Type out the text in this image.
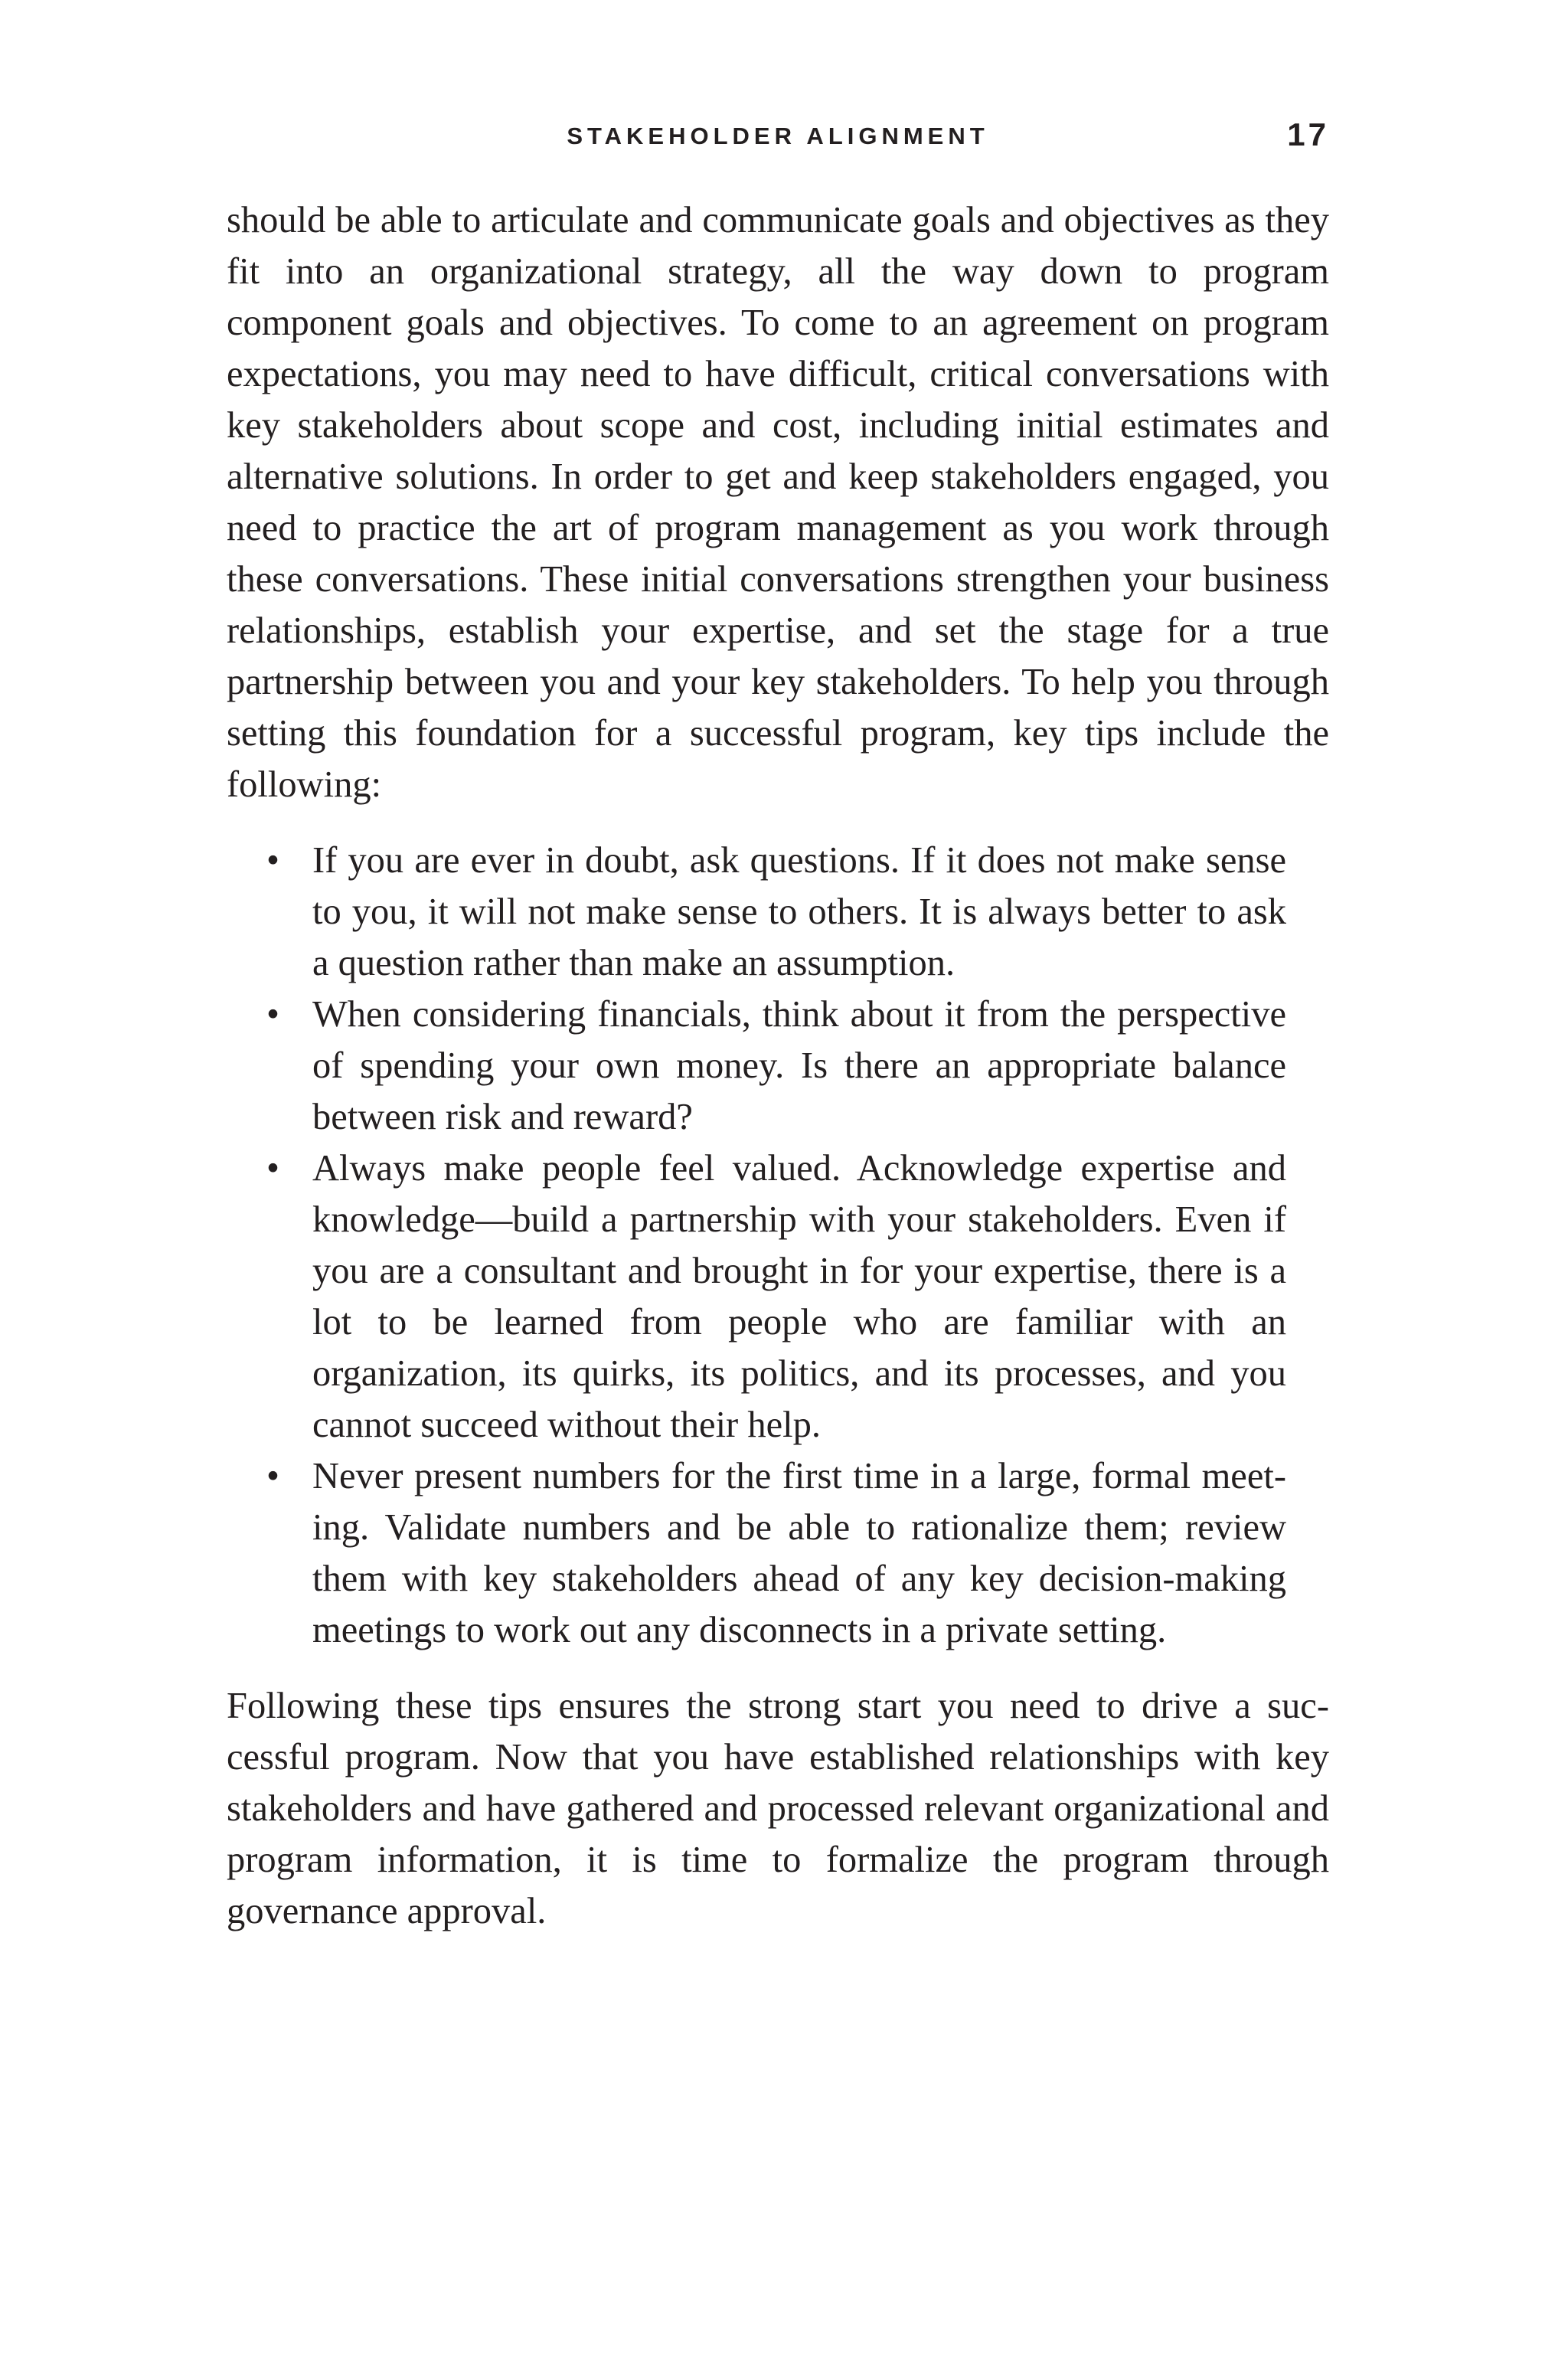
STAKEHOLDER ALIGNMENT	17

should be able to articulate and communicate goals and objectives as they fit into an organizational strategy, all the way down to program component goals and objectives. To come to an agreement on program expectations, you may need to have difficult, critical conversations with key stakeholders about scope and cost, including initial estimates and alternative solutions. In order to get and keep stakeholders engaged, you need to practice the art of program management as you work through these conversations. These initial conversations strengthen your business relationships, establish your expertise, and set the stage for a true partnership between you and your key stakeholders. To help you through setting this foundation for a successful program, key tips include the following:

• If you are ever in doubt, ask questions. If it does not make sense to you, it will not make sense to others. It is always better to ask a question rather than make an assumption.
• When considering financials, think about it from the perspective of spending your own money. Is there an appropriate balance between risk and reward?
• Always make people feel valued. Acknowledge expertise and knowledge—build a partnership with your stakeholders. Even if you are a consultant and brought in for your expertise, there is a lot to be learned from people who are familiar with an organization, its quirks, its politics, and its processes, and you cannot succeed without their help.
• Never present numbers for the first time in a large, formal meeting. Validate numbers and be able to rationalize them; review them with key stakeholders ahead of any key decision-making meetings to work out any disconnects in a private setting.

Following these tips ensures the strong start you need to drive a successful program. Now that you have established relationships with key stakeholders and have gathered and processed relevant organizational and program information, it is time to formalize the program through governance approval.
